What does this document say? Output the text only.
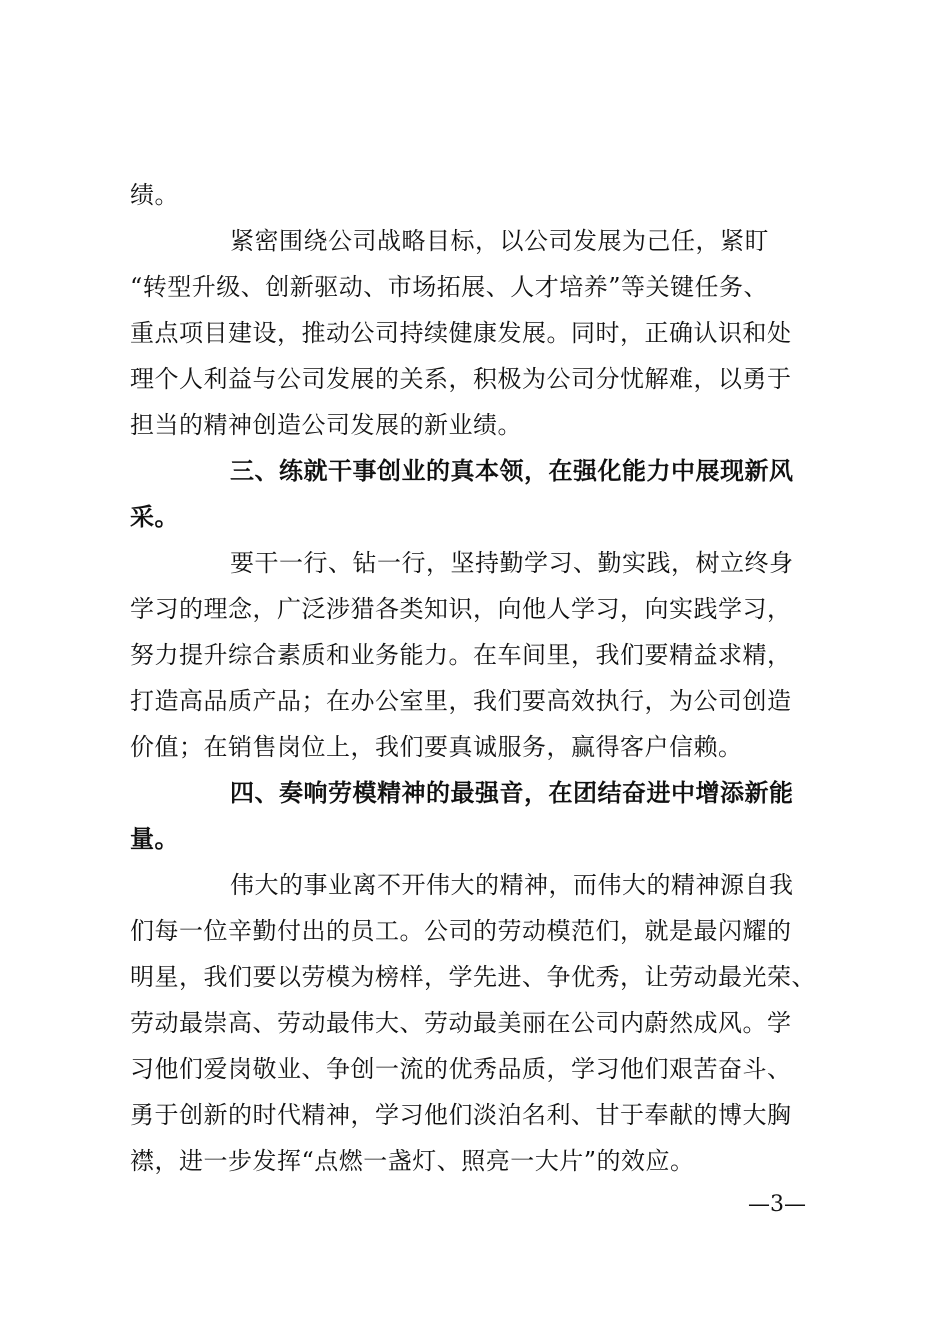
绩。
紧密围绕公司战略目标，以公司发展为己任，紧盯
“转型升级、创新驱动、市场拓展、人才培养”等关键任务、
重点项目建设，推动公司持续健康发展。同时，正确认识和处
理个人利益与公司发展的关系，积极为公司分忧解难，以勇于
担当的精神创造公司发展的新业绩。
三、练就干事创业的真本领，在强化能力中展现新风
采。
要干一行、钻一行，坚持勤学习、勤实践，树立终身
学习的理念，广泛涉猎各类知识，向他人学习，向实践学习，
努力提升综合素质和业务能力。在车间里，我们要精益求精，
打造高品质产品；在办公室里，我们要高效执行，为公司创造
价值；在销售岗位上，我们要真诚服务，赢得客户信赖。
四、奏响劳模精神的最强音，在团结奋进中增添新能
量。
伟大的事业离不开伟大的精神，而伟大的精神源自我
们每一位辛勤付出的员工。公司的劳动模范们，就是最闪耀的
明星，我们要以劳模为榜样，学先进、争优秀，让劳动最光荣、
劳动最崇高、劳动最伟大、劳动最美丽在公司内蔚然成风。学
习他们爱岗敬业、争创一流的优秀品质，学习他们艰苦奋斗、
勇于创新的时代精神，学习他们淡泊名利、甘于奉献的博大胸
襟，进一步发挥“点燃一盏灯、照亮一大片”的效应。
—3—
